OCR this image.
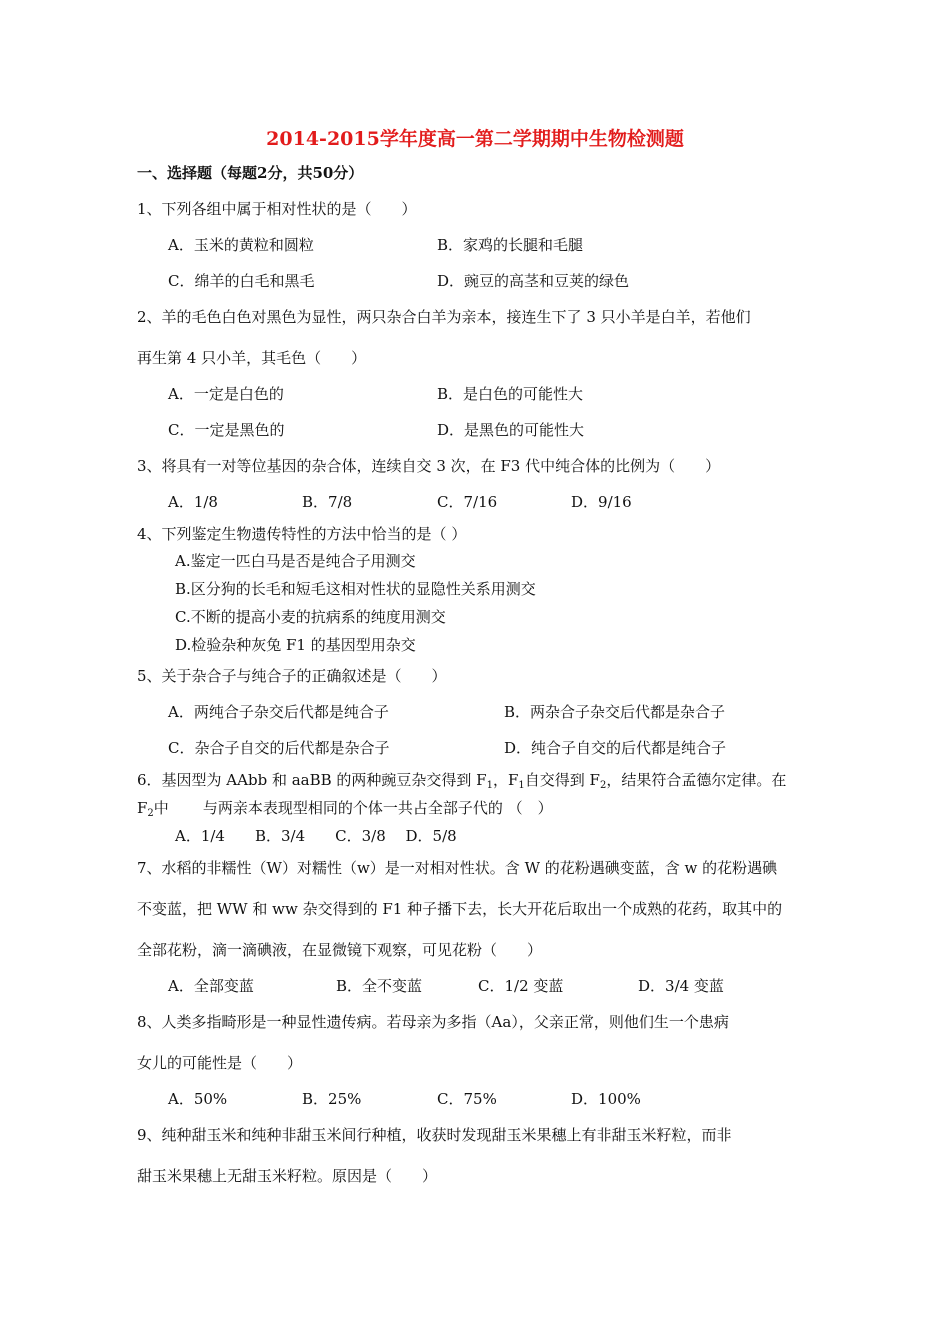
2014-2015学年度高一第二学期期中生物检测题
一、选择题（每题2分，共50分）
1、下列各组中属于相对性状的是（　　）
A．玉米的黄粒和圆粒	B．家鸡的长腿和毛腿
C．绵羊的白毛和黑毛	D．豌豆的高茎和豆荚的绿色
2、羊的毛色白色对黑色为显性，两只杂合白羊为亲本，接连生下了 3 只小羊是白羊，若他们
再生第 4 只小羊，其毛色（　　）
A．一定是白色的	B．是白色的可能性大
C．一定是黑色的	D．是黑色的可能性大
3、将具有一对等位基因的杂合体，连续自交 3 次，在 F3 代中纯合体的比例为（　　）
A．1/8	B．7/8	C．7/16	D．9/16
4、下列鉴定生物遗传特性的方法中恰当的是（ ）
A.鉴定一匹白马是否是纯合子用测交
B.区分狗的长毛和短毛这相对性状的显隐性关系用测交
C.不断的提高小麦的抗病系的纯度用测交
D.检验杂种灰兔 F1 的基因型用杂交
5、关于杂合子与纯合子的正确叙述是（　　）
A．两纯合子杂交后代都是纯合子	B．两杂合子杂交后代都是杂合子
C．杂合子自交的后代都是杂合子	D．纯合子自交的后代都是纯合子
6．基因型为 AAbb 和 aaBB 的两种豌豆杂交得到 $F_1$，$F_1$自交得到 $F_2$，结果符合孟德尔定律。在
$F_2$中 与两亲本表现型相同的个体一共占全部子代的 （　）
A．1/4　　B．3/4　　C．3/8　 D．5/8
7、水稻的非糯性（W）对糯性（w）是一对相对性状。含 W 的花粉遇碘变蓝，含 w 的花粉遇碘
不变蓝，把 WW 和 ww 杂交得到的 F1 种子播下去，长大开花后取出一个成熟的花药，取其中的
全部花粉，滴一滴碘液，在显微镜下观察，可见花粉（　　）
A．全部变蓝	B．全不变蓝	C．1/2 变蓝	D．3/4 变蓝
8、人类多指畸形是一种显性遗传病。若母亲为多指（Aa），父亲正常，则他们生一个患病
女儿的可能性是（　　）
A．50%	B．25%	C．75%	D．100%
9、纯种甜玉米和纯种非甜玉米间行种植，收获时发现甜玉米果穗上有非甜玉米籽粒，而非
甜玉米果穗上无甜玉米籽粒。原因是（　　）
